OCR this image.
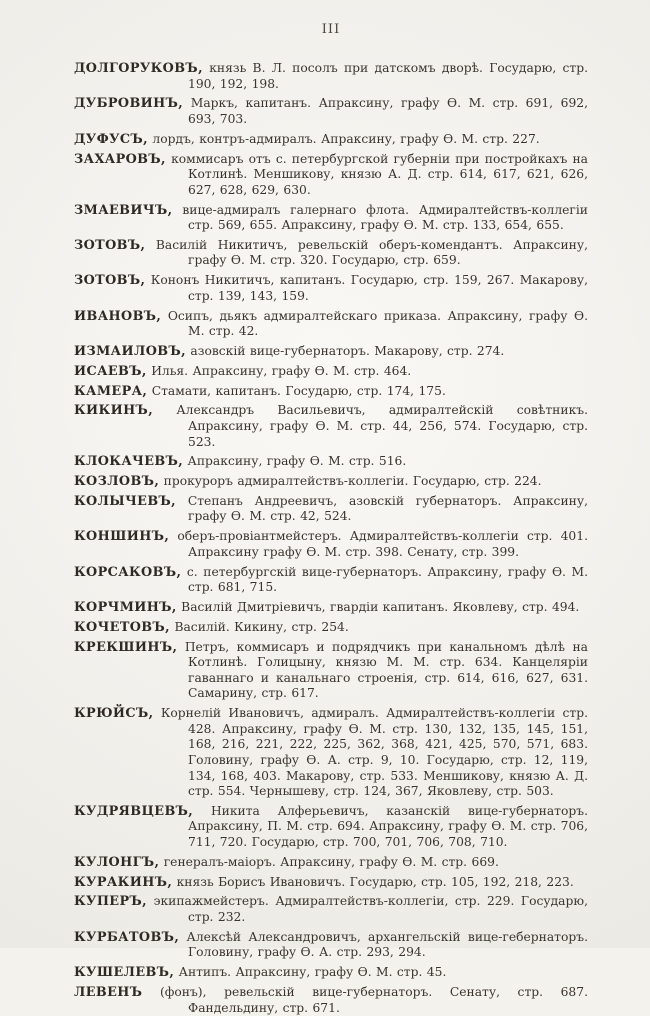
III

ДОЛГОРУКОВЪ, князь В. Л. посолъ при датскомъ дворѣ. Государю, стр. 190, 192, 198.

ДУБРОВИНЪ, Маркъ, капитанъ. Апраксину, графу Ѳ. М. стр. 691, 692, 693, 703.

ДУФУСЪ, лордъ, контръ-адмиралъ. Апраксину, графу Ѳ. М. стр. 227.

ЗАХАРОВЪ, коммисаръ отъ с. петербургской губерніи при постройкахъ на Котлинѣ. Меншикову, князю А. Д. стр. 614, 617, 621, 626, 627, 628, 629, 630.

ЗМАЕВИЧЪ, вице-адмиралъ галернаго флота. Адмиралтействъ-коллегіи стр. 569, 655. Апраксину, графу Ѳ. М. стр. 133, 654, 655.

ЗОТОВЪ, Василій Никитичъ, ревельскій оберъ-комендантъ. Апраксину, графу Ѳ. М. стр. 320. Государю, стр. 659.

ЗОТОВЪ, Кононъ Никитичъ, капитанъ. Государю, стр. 159, 267. Макарову, стр. 139, 143, 159.

ИВАНОВЪ, Осипъ, дьякъ адмиралтейскаго приказа. Апраксину, графу Ѳ. М. стр. 42.

ИЗМАИЛОВЪ, азовскій вице-губернаторъ. Макарову, стр. 274.

ИСАЕВЪ, Илья. Апраксину, графу Ѳ. М. стр. 464.

КАМЕРА, Стамати, капитанъ. Государю, стр. 174, 175.

КИКИНЪ, Александръ Васильевичъ, адмиралтейскій совѣтникъ. Апраксину, графу Ѳ. М. стр. 44, 256, 574. Государю, стр. 523.

КЛОКАЧЕВЪ, Апраксину, графу Ѳ. М. стр. 516.

КОЗЛОВЪ, прокуроръ адмиралтействъ-коллегіи. Государю, стр. 224.

КОЛЫЧЕВЪ, Степанъ Андреевичъ, азовскій губернаторъ. Апраксину, графу Ѳ. М. стр. 42, 524.

КОНШИНЪ, оберъ-провіантмейстеръ. Адмиралтействъ-коллегіи стр. 401. Апраксину графу Ѳ. М. стр. 398. Сенату, стр. 399.

КОРСАКОВЪ, с. петербургскій вице-губернаторъ. Апраксину, графу Ѳ. М. стр. 681, 715.

КОРЧМИНЪ, Василій Дмитріевичъ, гвардіи капитанъ. Яковлеву, стр. 494.

КОЧЕТОВЪ, Василій. Кикину, стр. 254.

КРЕКШИНЪ, Петръ, коммисаръ и подрядчикъ при канальномъ дѣлѣ на Котлинѣ. Голицыну, князю М. М. стр. 634. Канцеляріи гаваннаго и канальнаго строенія, стр. 614, 616, 627, 631. Самарину, стр. 617.

КРЮЙСЪ, Корнелій Ивановичъ, адмиралъ. Адмиралтействъ-коллегіи стр. 428. Апраксину, графу Ѳ. М. стр. 130, 132, 135, 145, 151, 168, 216, 221, 222, 225, 362, 368, 421, 425, 570, 571, 683. Головину, графу Ѳ. А. стр. 9, 10. Государю, стр. 12, 119, 134, 168, 403. Макарову, стр. 533. Меншикову, князю А. Д. стр. 554. Чернышеву, стр. 124, 367, Яковлеву, стр. 503.

КУДРЯВЦЕВЪ, Никита Алферьевичъ, казанскій вице-губернаторъ. Апраксину, П. М. стр. 694. Апраксину, графу Ѳ. М. стр. 706, 711, 720. Государю, стр. 700, 701, 706, 708, 710.

КУЛОНГЪ, генералъ-маіоръ. Апраксину, графу Ѳ. М. стр. 669.

КУРАКИНЪ, князь Борисъ Ивановичъ. Государю, стр. 105, 192, 218, 223.

КУПЕРЪ, экипажмейстеръ. Адмиралтействъ-коллегіи, стр. 229. Государю, стр. 232.

КУРБАТОВЪ, Алексѣй Александровичъ, архангельскій вице-гебернаторъ. Головину, графу Ѳ. А. стр. 293, 294.

КУШЕЛЕВЪ, Антипъ. Апраксину, графу Ѳ. М. стр. 45.

ЛЕВЕНЪ (фонъ), ревельскій вице-губернаторъ. Сенату, стр. 687. Фандельдину, стр. 671.
